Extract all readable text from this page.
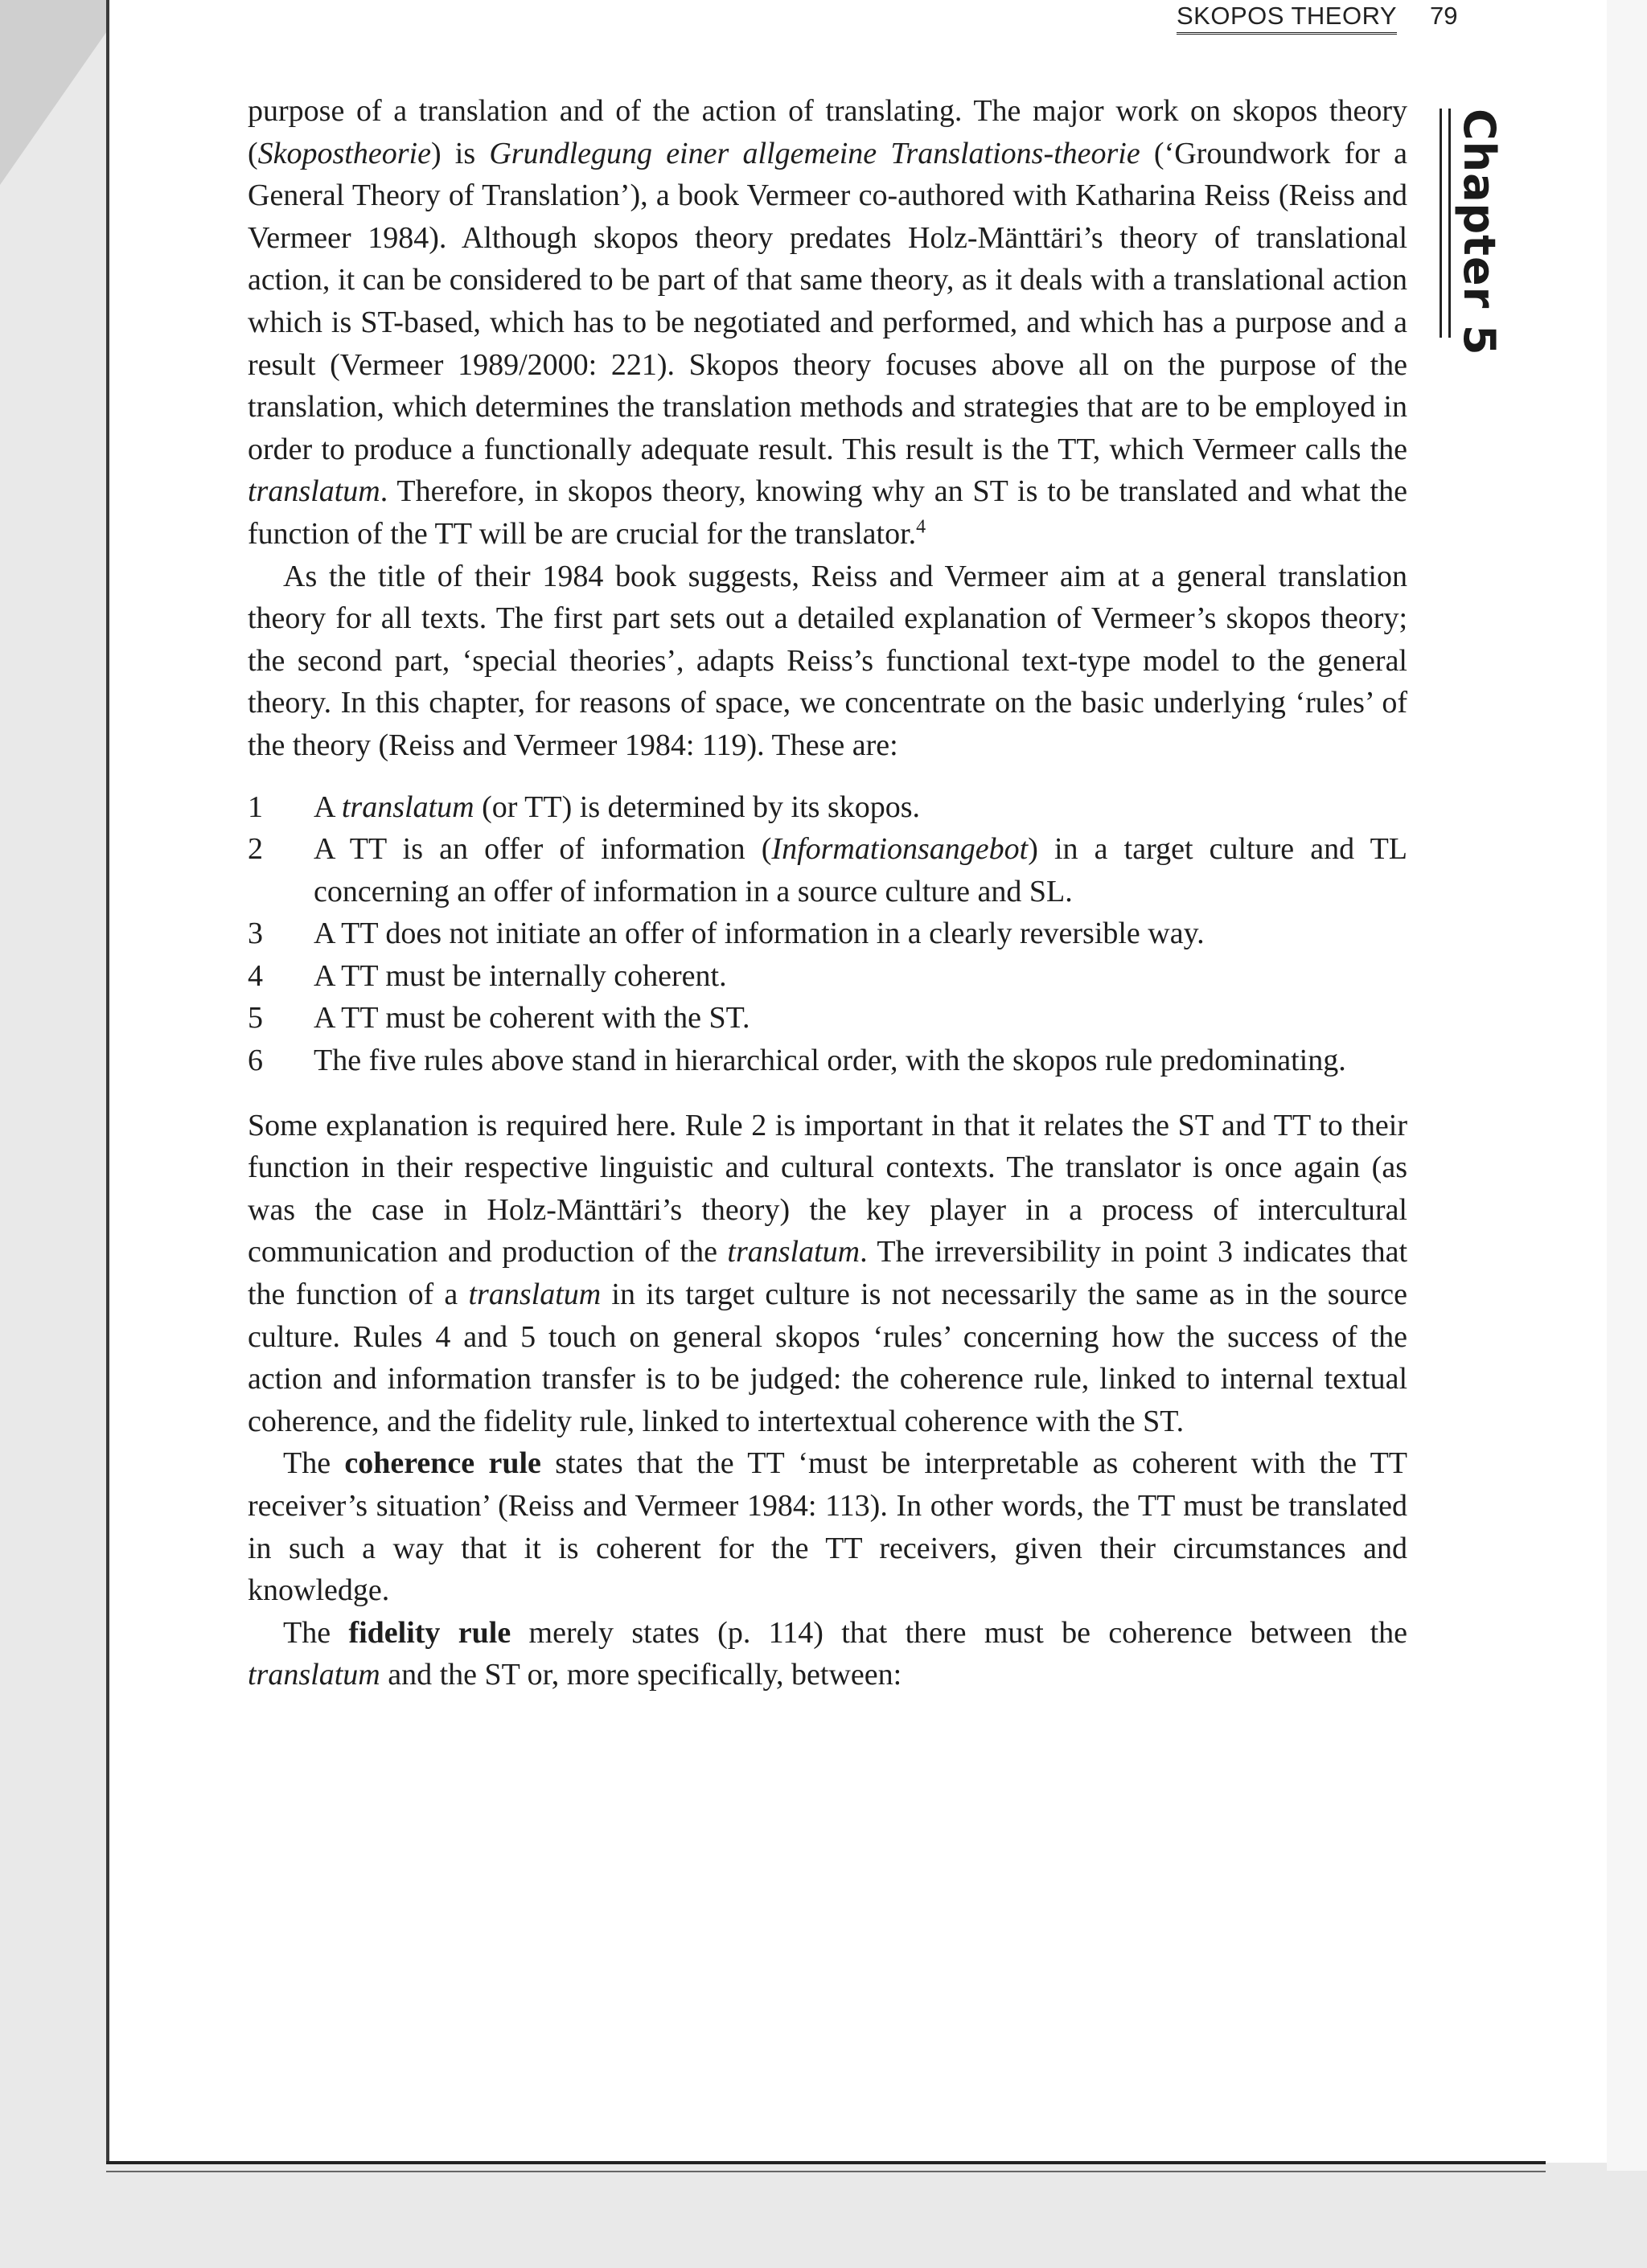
SKOPOS THEORY 79
Chapter 5

purpose of a translation and of the action of translating. The major work on skopos theory (Skopostheorie) is Grundlegung einer allgemeine Translations-theorie (‘Groundwork for a General Theory of Translation’), a book Vermeer co-authored with Katharina Reiss (Reiss and Vermeer 1984). Although skopos theory predates Holz-Mänttäri’s theory of translational action, it can be considered to be part of that same theory, as it deals with a translational action which is ST-based, which has to be negotiated and performed, and which has a purpose and a result (Vermeer 1989/2000: 221). Skopos theory focuses above all on the purpose of the translation, which determines the translation methods and strategies that are to be employed in order to produce a functionally adequate result. This result is the TT, which Vermeer calls the translatum. Therefore, in skopos theory, knowing why an ST is to be translated and what the function of the TT will be are crucial for the translator.$^4$

As the title of their 1984 book suggests, Reiss and Vermeer aim at a general translation theory for all texts. The first part sets out a detailed explanation of Vermeer’s skopos theory; the second part, ‘special theories’, adapts Reiss’s functional text-type model to the general theory. In this chapter, for reasons of space, we concentrate on the basic underlying ‘rules’ of the theory (Reiss and Vermeer 1984: 119). These are:

1	A translatum (or TT) is determined by its skopos.
2	A TT is an offer of information (Informationsangebot) in a target culture and TL concerning an offer of information in a source culture and SL.
3	A TT does not initiate an offer of information in a clearly reversible way.
4	A TT must be internally coherent.
5	A TT must be coherent with the ST.
6	The five rules above stand in hierarchical order, with the skopos rule predominating.

Some explanation is required here. Rule 2 is important in that it relates the ST and TT to their function in their respective linguistic and cultural contexts. The translator is once again (as was the case in Holz-Mänttäri’s theory) the key player in a process of intercultural communication and production of the translatum. The irreversibility in point 3 indicates that the function of a translatum in its target culture is not necessarily the same as in the source culture. Rules 4 and 5 touch on general skopos ‘rules’ concerning how the success of the action and information transfer is to be judged: the coherence rule, linked to internal textual coherence, and the fidelity rule, linked to intertextual coherence with the ST.

The coherence rule states that the TT ‘must be interpretable as coherent with the TT receiver’s situation’ (Reiss and Vermeer 1984: 113). In other words, the TT must be translated in such a way that it is coherent for the TT receivers, given their circumstances and knowledge.

The fidelity rule merely states (p. 114) that there must be coherence between the translatum and the ST or, more specifically, between:
